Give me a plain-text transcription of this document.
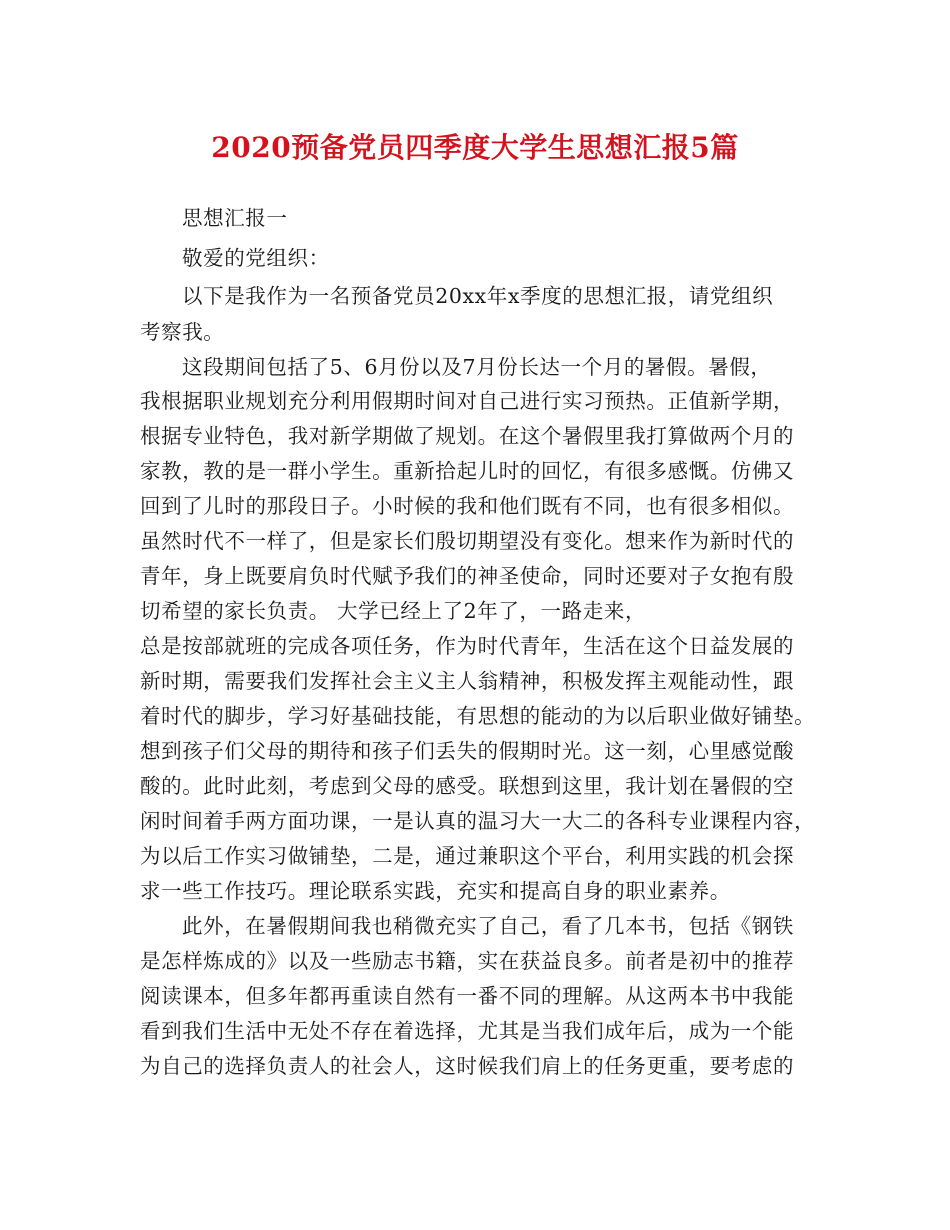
2020预备党员四季度大学生思想汇报5篇
思想汇报一
敬爱的党组织：
以下是我作为一名预备党员20xx年x季度的思想汇报，请党组织
考察我。
这段期间包括了5、6月份以及7月份长达一个月的暑假。暑假，
我根据职业规划充分利用假期时间对自己进行实习预热。正值新学期，
根据专业特色，我对新学期做了规划。在这个暑假里我打算做两个月的
家教，教的是一群小学生。重新拾起儿时的回忆，有很多感慨。仿佛又
回到了儿时的那段日子。小时候的我和他们既有不同，也有很多相似。
虽然时代不一样了，但是家长们殷切期望没有变化。想来作为新时代的
青年，身上既要肩负时代赋予我们的神圣使命，同时还要对子女抱有殷
切希望的家长负责。 大学已经上了2年了，一路走来，
总是按部就班的完成各项任务，作为时代青年，生活在这个日益发展的
新时期，需要我们发挥社会主义主人翁精神，积极发挥主观能动性，跟
着时代的脚步，学习好基础技能，有思想的能动的为以后职业做好铺垫。
想到孩子们父母的期待和孩子们丢失的假期时光。这一刻，心里感觉酸
酸的。此时此刻，考虑到父母的感受。联想到这里，我计划在暑假的空
闲时间着手两方面功课，一是认真的温习大一大二的各科专业课程内容，
为以后工作实习做铺垫，二是，通过兼职这个平台，利用实践的机会探
求一些工作技巧。理论联系实践，充实和提高自身的职业素养。
此外，在暑假期间我也稍微充实了自己，看了几本书，包括《钢铁
是怎样炼成的》以及一些励志书籍，实在获益良多。前者是初中的推荐
阅读课本，但多年都再重读自然有一番不同的理解。从这两本书中我能
看到我们生活中无处不存在着选择，尤其是当我们成年后，成为一个能
为自己的选择负责人的社会人，这时候我们肩上的任务更重，要考虑的
